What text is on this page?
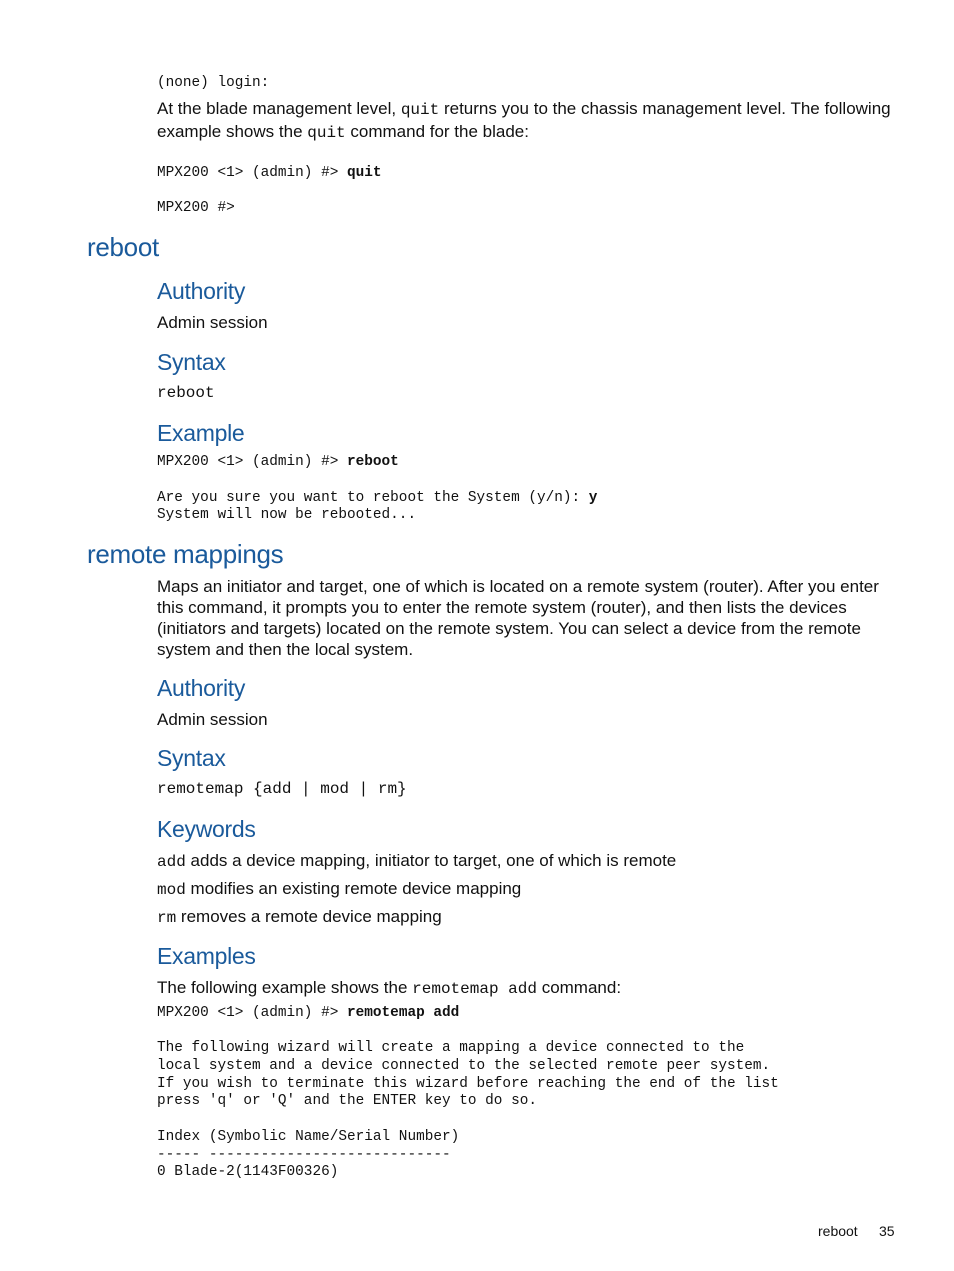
(none) login:
At the blade management level, quit returns you to the chassis management level. The following example shows the quit command for the blade:
MPX200 <1> (admin) #> quit
MPX200 #>
reboot
Authority
Admin session
Syntax
reboot
Example
MPX200 <1> (admin) #> reboot
Are you sure you want to reboot the System (y/n): y
System will now be rebooted...
remote mappings
Maps an initiator and target, one of which is located on a remote system (router). After you enter this command, it prompts you to enter the remote system (router), and then lists the devices (initiators and targets) located on the remote system. You can select a device from the remote system and then the local system.
Authority
Admin session
Syntax
remotemap {add | mod | rm}
Keywords
add adds a device mapping, initiator to target, one of which is remote
mod modifies an existing remote device mapping
rm removes a remote device mapping
Examples
The following example shows the remotemap add command:
MPX200 <1> (admin) #> remotemap add
The following wizard will create a mapping a device connected to the
local system and a device connected to the selected remote peer system.
If you wish to terminate this wizard before reaching the end of the list
press 'q' or 'Q' and the ENTER key to do so.
Index (Symbolic Name/Serial Number)
----- ----------------------------
0 Blade-2(1143F00326)
reboot 35
